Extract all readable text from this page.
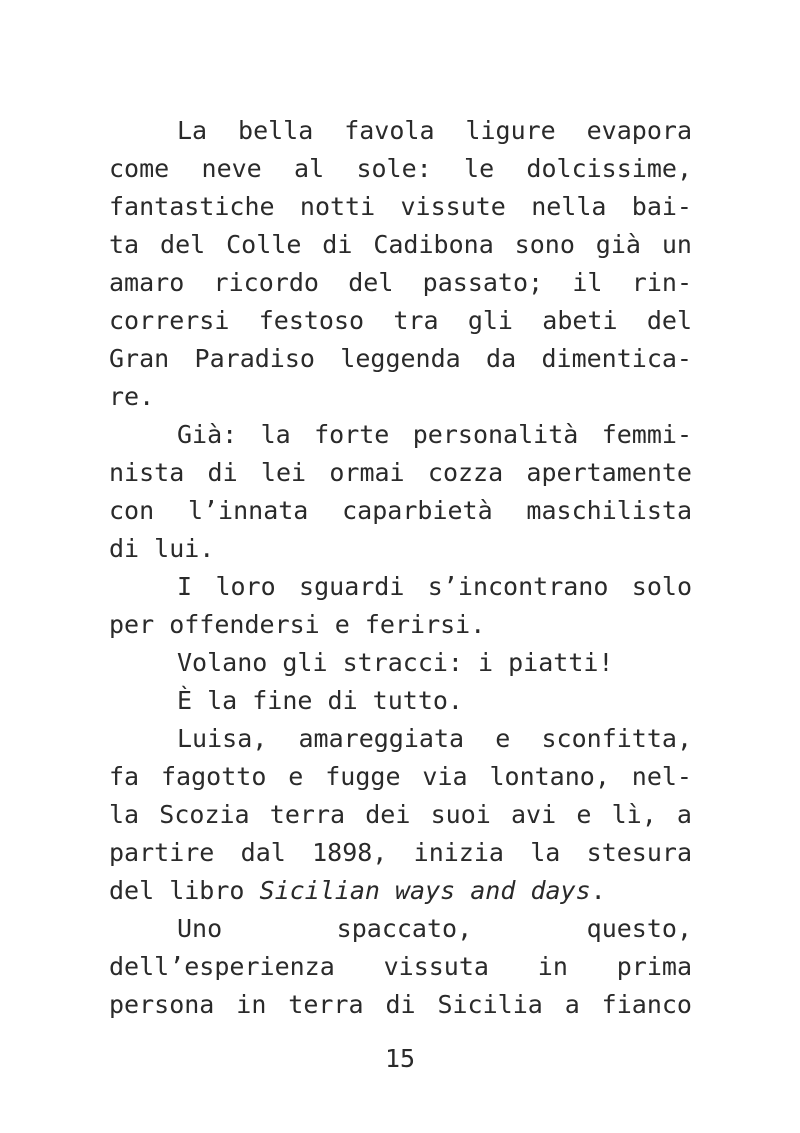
La bella favola ligure evapora
come neve al sole: le dolcissime,
fantastiche notti vissute nella bai-
ta del Colle di Cadibona sono già un
amaro ricordo del passato; il rin-
corrersi festoso tra gli abeti del
Gran Paradiso leggenda da dimentica-
re.
Già: la forte personalità femmi-
nista di lei ormai cozza apertamente
con l’innata caparbietà maschilista
di lui.
I loro sguardi s’incontrano solo
per offendersi e ferirsi.
Volano gli stracci: i piatti!
È la fine di tutto.
Luisa, amareggiata e sconfitta,
fa fagotto e fugge via lontano, nel-
la Scozia terra dei suoi avi e lì, a
partire dal 1898, inizia la stesura
del libro Sicilian ways and days.
Uno spaccato, questo,
dell’esperienza vissuta in prima
persona in terra di Sicilia a fianco
15
